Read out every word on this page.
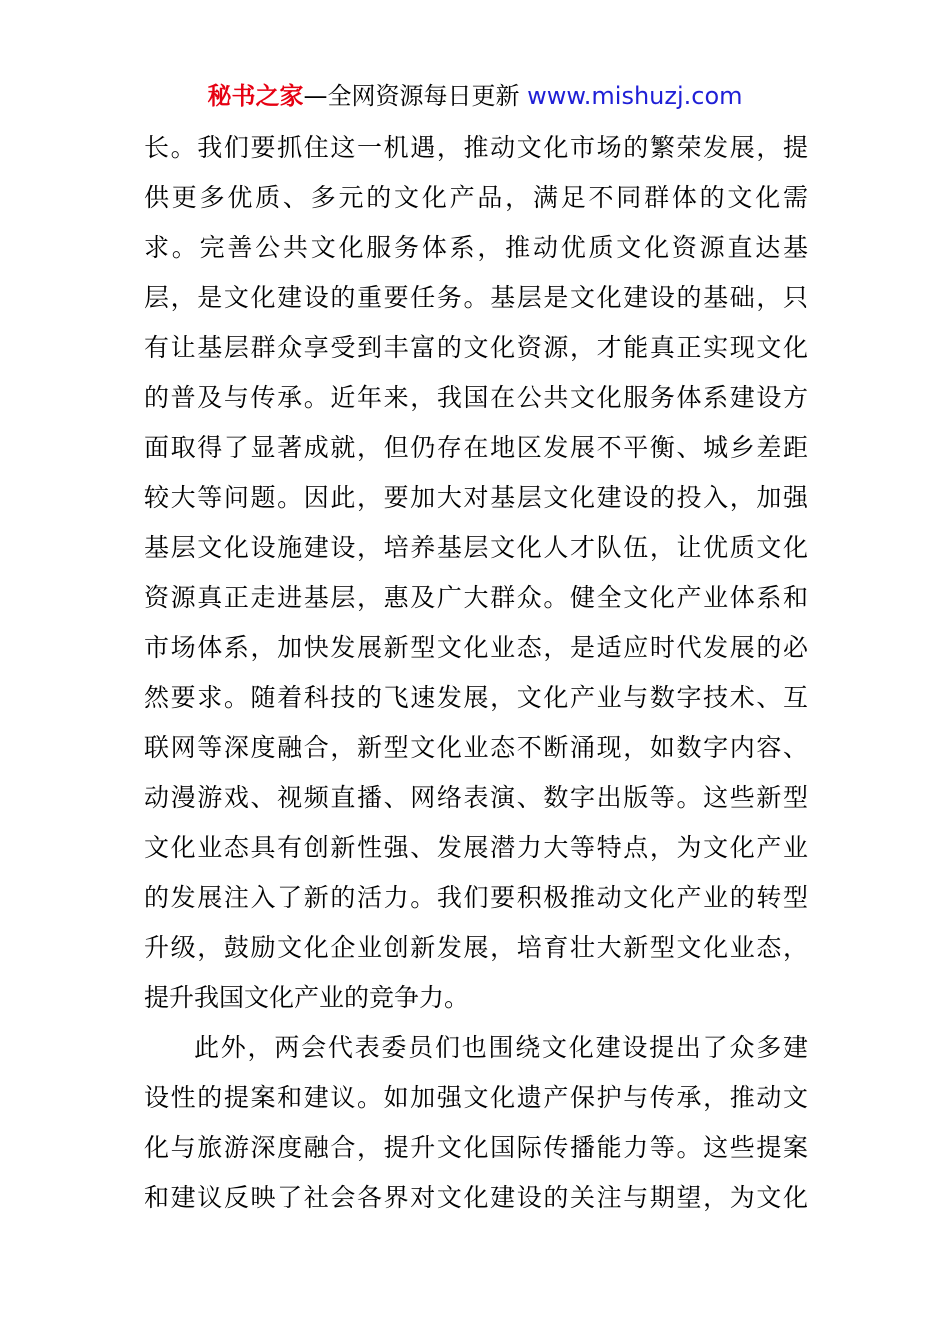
秘书之家—全网资源每日更新 www.mishuzj.com
长。我们要抓住这一机遇，推动文化市场的繁荣发展，提
供更多优质、多元的文化产品，满足不同群体的文化需
求。完善公共文化服务体系，推动优质文化资源直达基
层，是文化建设的重要任务。基层是文化建设的基础，只
有让基层群众享受到丰富的文化资源，才能真正实现文化
的普及与传承。近年来，我国在公共文化服务体系建设方
面取得了显著成就，但仍存在地区发展不平衡、城乡差距
较大等问题。因此，要加大对基层文化建设的投入，加强
基层文化设施建设，培养基层文化人才队伍，让优质文化
资源真正走进基层，惠及广大群众。健全文化产业体系和
市场体系，加快发展新型文化业态，是适应时代发展的必
然要求。随着科技的飞速发展，文化产业与数字技术、互
联网等深度融合，新型文化业态不断涌现，如数字内容、
动漫游戏、视频直播、网络表演、数字出版等。这些新型
文化业态具有创新性强、发展潜力大等特点，为文化产业
的发展注入了新的活力。我们要积极推动文化产业的转型
升级，鼓励文化企业创新发展，培育壮大新型文化业态，
提升我国文化产业的竞争力。
此外，两会代表委员们也围绕文化建设提出了众多建
设性的提案和建议。如加强文化遗产保护与传承，推动文
化与旅游深度融合，提升文化国际传播能力等。这些提案
和建议反映了社会各界对文化建设的关注与期望，为文化
